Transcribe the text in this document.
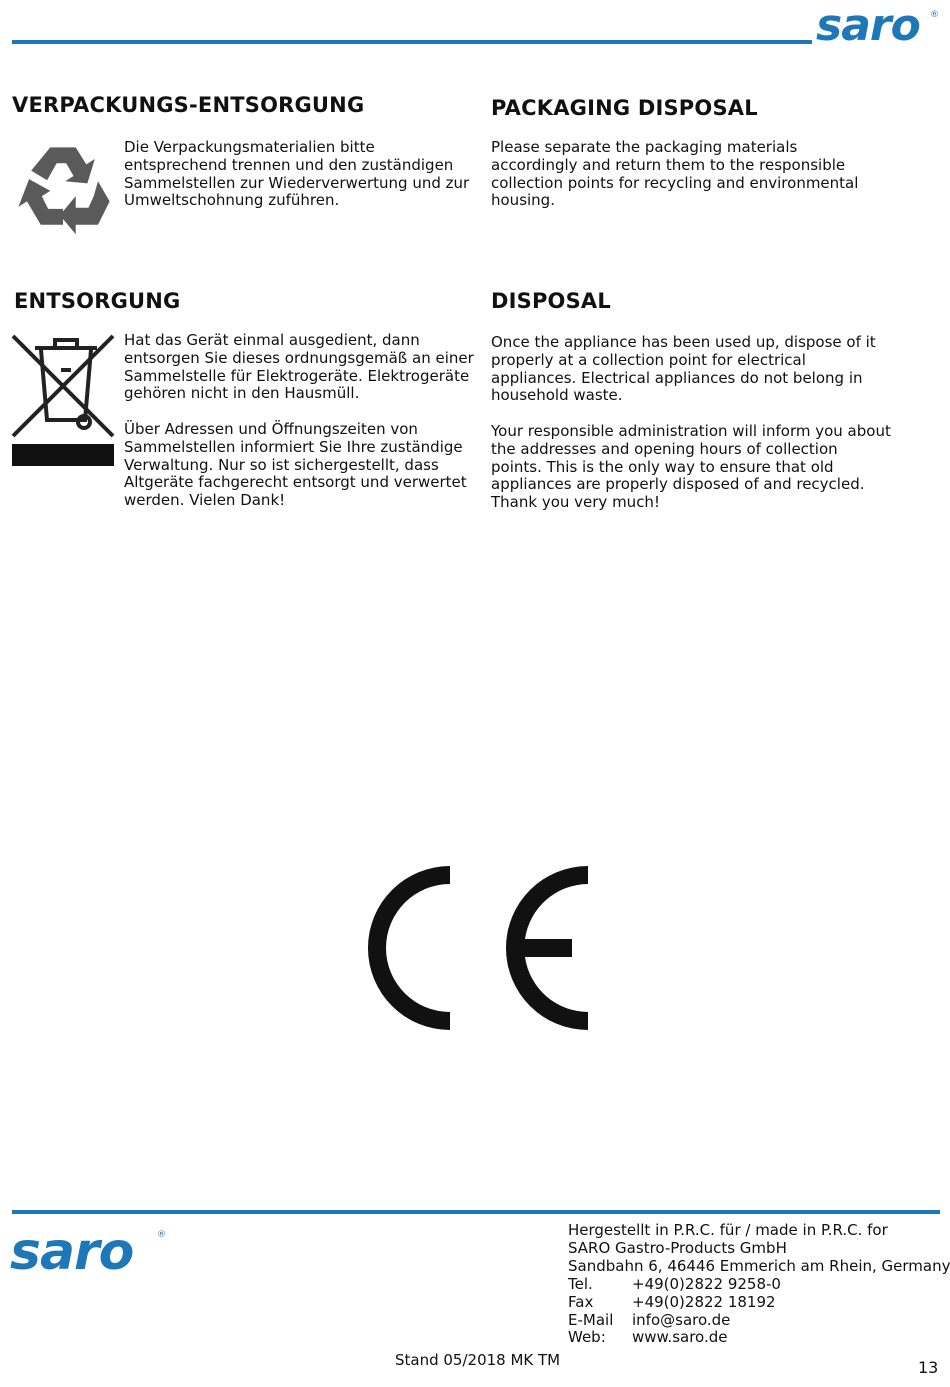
saro ®
VERPACKUNGS-ENTSORGUNG

Die Verpackungsmaterialien bitte entsprechend trennen und den zuständigen Sammelstellen zur Wiederverwertung und zur Umweltschohnung zuführen.

PACKAGING DISPOSAL

Please separate the packaging materials accordingly and return them to the responsible collection points for recycling and environmental housing.

ENTSORGUNG

Hat das Gerät einmal ausgedient, dann entsorgen Sie dieses ordnungsgemäß an einer Sammelstelle für Elektrogeräte. Elektrogeräte gehören nicht in den Hausmüll.

Über Adressen und Öffnungszeiten von Sammelstellen informiert Sie Ihre zuständige Verwaltung. Nur so ist sichergestellt, dass Altgeräte fachgerecht entsorgt und verwertet werden. Vielen Dank!

DISPOSAL

Once the appliance has been used up, dispose of it properly at a collection point for electrical appliances. Electrical appliances do not belong in household waste.

Your responsible administration will inform you about the addresses and opening hours of collection points. This is the only way to ensure that old appliances are properly disposed of and recycled. Thank you very much!

saro	®	Hergestellt in P.R.C. für / made in P.R.C. for
SARO Gastro-Products GmbH
Sandbahn 6, 46446 Emmerich am Rhein, Germany
Tel.	+49(0)2822 9258-0
Fax	+49(0)2822 18192
E-Mail info@saro.de
Web: www.saro.de
Stand 05/2018 MK TM	13
